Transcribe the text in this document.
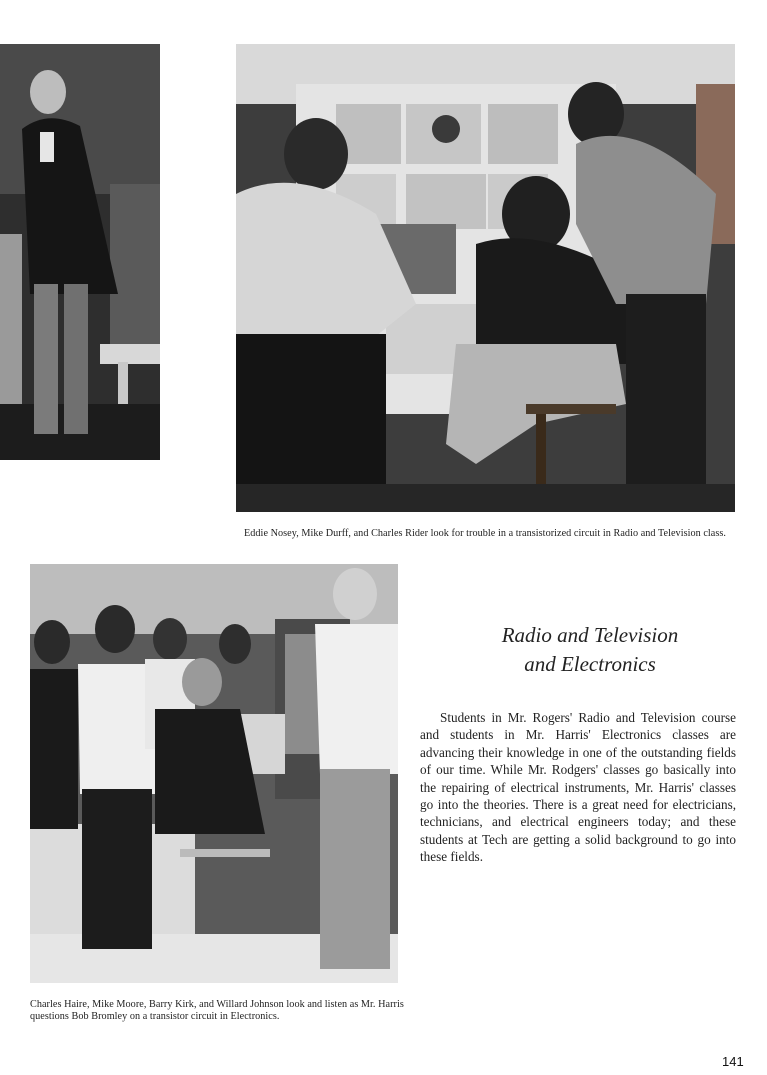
Eddie Nosey, Mike Durff, and Charles Rider look for trouble in a transistorized circuit in Radio and Television class.
Charles Haire, Mike Moore, Barry Kirk, and Willard Johnson look and listen as Mr. Harris questions Bob Bromley on a transistor circuit in Electronics.
Radio and Television
and Electronics
Students in Mr. Rogers' Radio and Television course and students in Mr. Harris' Electronics classes are advancing their knowledge in one of the outstanding fields of our time. While Mr. Rodgers' classes go basically into the repairing of electrical instruments, Mr. Harris' classes go into the theories. There is a great need for electricians, technicians, and electrical engineers today; and these students at Tech are getting a solid background to go into these fields.
141
